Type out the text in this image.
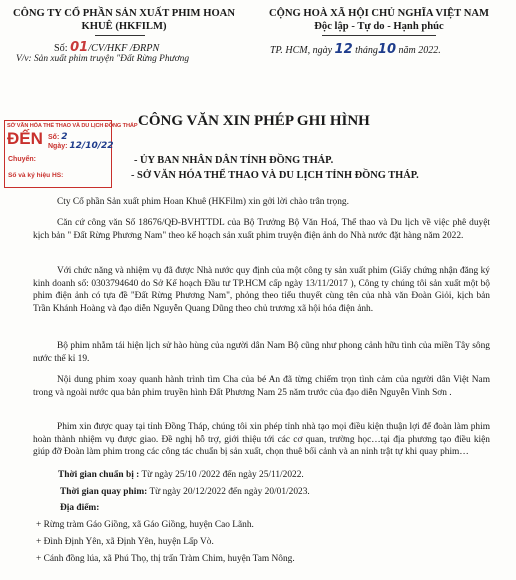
CÔNG TY CỔ PHẦN SẢN XUẤT PHIM HOAN
KHUÊ (HKFILM)
CỘNG HOÀ XÃ HỘI CHỦ NGHĨA VIỆT NAM
Độc lập - Tự do - Hạnh phúc
Số: 01/CV/HKF /ĐRPN
V/v: Sản xuất phim truyện "Đất Rừng Phương
TP. HCM, ngày 12 tháng10 năm 2022.
SỞ VĂN HÓA THỂ THAO VÀ DU LỊCH ĐỒNG THÁP
ĐẾN Số: 2
Ngày: 12/10/22
Chuyển:
Số và ký hiệu HS:
CÔNG VĂN XIN PHÉP GHI HÌNH
- ỦY BAN NHÂN DÂN TỈNH ĐỒNG THÁP.
- SỞ VĂN HÓA THỂ THAO VÀ DU LỊCH TỈNH ĐỒNG THÁP.
Cty Cổ phần Sản xuất phim Hoan Khuê (HKFilm) xin gởi lời chào trân trọng.
Căn cứ công văn Số 18676/QĐ-BVHTTDL của Bộ Trưởng Bộ Văn Hoá, Thể thao và Du lịch về việc phê duyệt kịch bản " Đất Rừng Phương Nam" theo kế hoạch sản xuất phim truyện điện ảnh do Nhà nước đặt hàng năm 2022.
Với chức năng và nhiệm vụ đã được Nhà nước quy định của một công ty sản xuất phim (Giấy chứng nhận đăng ký kinh doanh số: 0303794640 do Sở Kế hoạch Đầu tư TP.HCM cấp ngày 13/11/2017 ), Công ty chúng tôi sản xuất một bộ phim điện ảnh có tựa đề "Đất Rừng Phương Nam", phỏng theo tiểu thuyết cùng tên của nhà văn Đoàn Giỏi, kịch bản Trần Khánh Hoàng và đạo diễn Nguyễn Quang Dũng theo chủ trương xã hội hóa điện ảnh.
Bộ phim nhằm tái hiện lịch sử hào hùng của người dân Nam Bộ cũng như phong cảnh hữu tình của miền Tây sông nước thế kỉ 19.
Nội dung phim xoay quanh hành trình tìm Cha của bé An đã từng chiếm trọn tình cảm của người dân Việt Nam trong và ngoài nước qua bản phim truyền hình Đất Phương Nam 25 năm trước của đạo diễn Nguyễn Vinh Sơn .
Phim xin được quay tại tỉnh Đồng Tháp, chúng tôi xin phép tỉnh nhà tạo mọi điều kiện thuận lợi để đoàn làm phim hoàn thành nhiệm vụ được giao. Đề nghị hỗ trợ, giới thiệu tới các cơ quan, trường học…tại địa phương tạo điều kiện giúp đỡ Đoàn làm phim trong các công tác chuẩn bị sản xuất, chọn thuê bối cảnh và an ninh trật tự khi quay phim…
Thời gian chuẩn bị : Từ ngày 25/10 /2022 đến ngày 25/11/2022.
Thời gian quay phim: Từ ngày 20/12/2022 đến ngày 20/01/2023.
Địa điểm:
+ Rừng tràm Gáo Giồng, xã Gáo Giồng, huyện Cao Lãnh.
+ Đình Định Yên, xã Định Yên, huyện Lấp Vò.
+ Cánh đồng lúa, xã Phú Thọ, thị trấn Tràm Chim, huyện Tam Nông.
